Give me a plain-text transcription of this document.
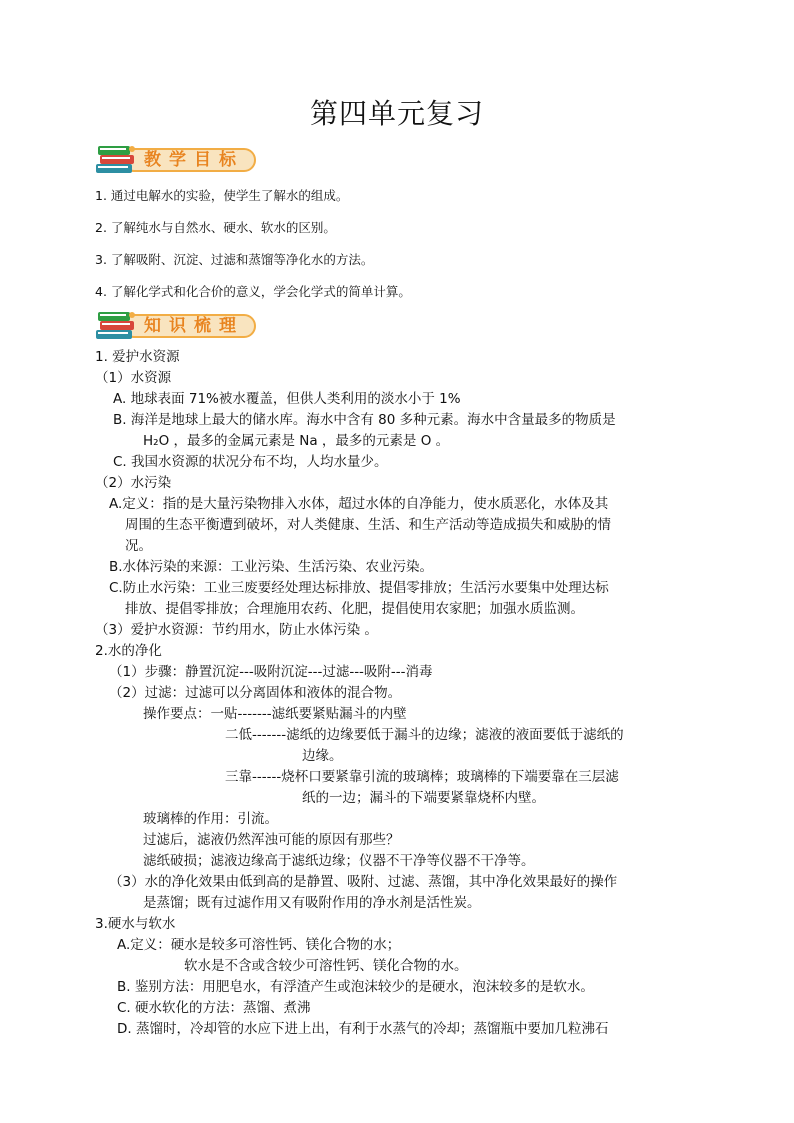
第四单元复习
教学目标
1. 通过电解水的实验，使学生了解水的组成。
2. 了解纯水与自然水、硬水、软水的区别。
3. 了解吸附、沉淀、过滤和蒸馏等净化水的方法。
4. 了解化学式和化合价的意义，学会化学式的简单计算。
知识梳理
1. 爱护水资源
（1）水资源
A. 地球表面 71%被水覆盖，但供人类利用的淡水小于 1%
B. 海洋是地球上最大的储水库。海水中含有 80 多种元素。海水中含量最多的物质是
H₂O ，最多的金属元素是 Na ，最多的元素是 O 。
C. 我国水资源的状况分布不均，人均水量少。
（2）水污染
A.定义：指的是大量污染物排入水体，超过水体的自净能力，使水质恶化，水体及其
周围的生态平衡遭到破坏，对人类健康、生活、和生产活动等造成损失和威胁的情
况。
B.水体污染的来源：工业污染、生活污染、农业污染。
C.防止水污染：工业三废要经处理达标排放、提倡零排放；生活污水要集中处理达标
排放、提倡零排放；合理施用农药、化肥，提倡使用农家肥；加强水质监测。
（3）爱护水资源：节约用水，防止水体污染 。
2.水的净化
（1）步骤：静置沉淀---吸附沉淀---过滤---吸附---消毒
（2）过滤：过滤可以分离固体和液体的混合物。
操作要点：一贴-------滤纸要紧贴漏斗的内壁
二低-------滤纸的边缘要低于漏斗的边缘；滤液的液面要低于滤纸的
边缘。
三靠------烧杯口要紧靠引流的玻璃棒；玻璃棒的下端要靠在三层滤
纸的一边；漏斗的下端要紧靠烧杯内壁。
玻璃棒的作用：引流。
过滤后，滤液仍然浑浊可能的原因有那些？
滤纸破损；滤液边缘高于滤纸边缘；仪器不干净等仪器不干净等。
（3）水的净化效果由低到高的是静置、吸附、过滤、蒸馏，其中净化效果最好的操作
是蒸馏；既有过滤作用又有吸附作用的净水剂是活性炭。
3.硬水与软水
A.定义：硬水是较多可溶性钙、镁化合物的水；
软水是不含或含较少可溶性钙、镁化合物的水。
B. 鉴别方法：用肥皂水，有浮渣产生或泡沫较少的是硬水，泡沫较多的是软水。
C. 硬水软化的方法：蒸馏、煮沸
D. 蒸馏时，冷却管的水应下进上出，有利于水蒸气的冷却；蒸馏瓶中要加几粒沸石
